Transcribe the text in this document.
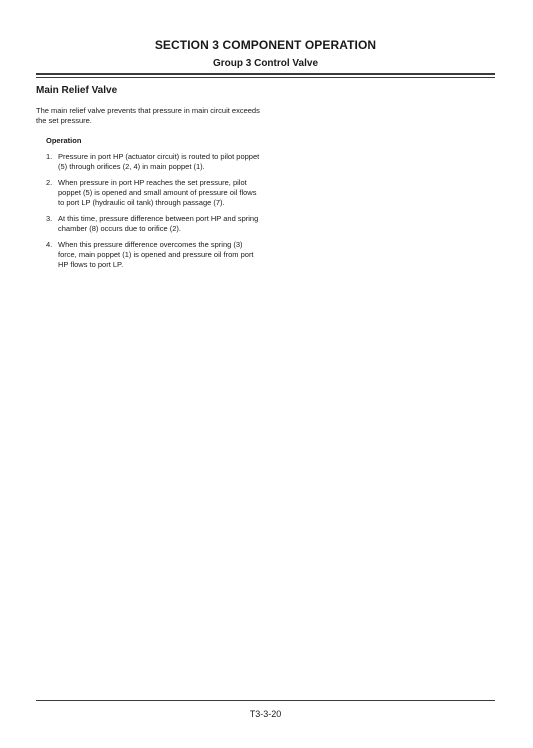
SECTION 3 COMPONENT OPERATION
Group 3 Control Valve
Main Relief Valve

The main relief valve prevents that pressure in main circuit exceeds the set pressure.

Operation
1. Pressure in port HP (actuator circuit) is routed to pilot poppet (5) through orifices (2, 4) in main poppet (1).
2. When pressure in port HP reaches the set pressure, pilot poppet (5) is opened and small amount of pressure oil flows to port LP (hydraulic oil tank) through passage (7).
3. At this time, pressure difference between port HP and spring chamber (8) occurs due to orifice (2).
4. When this pressure difference overcomes the spring (3) force, main poppet (1) is opened and pressure oil from port HP flows to port LP.
T3-3-20
